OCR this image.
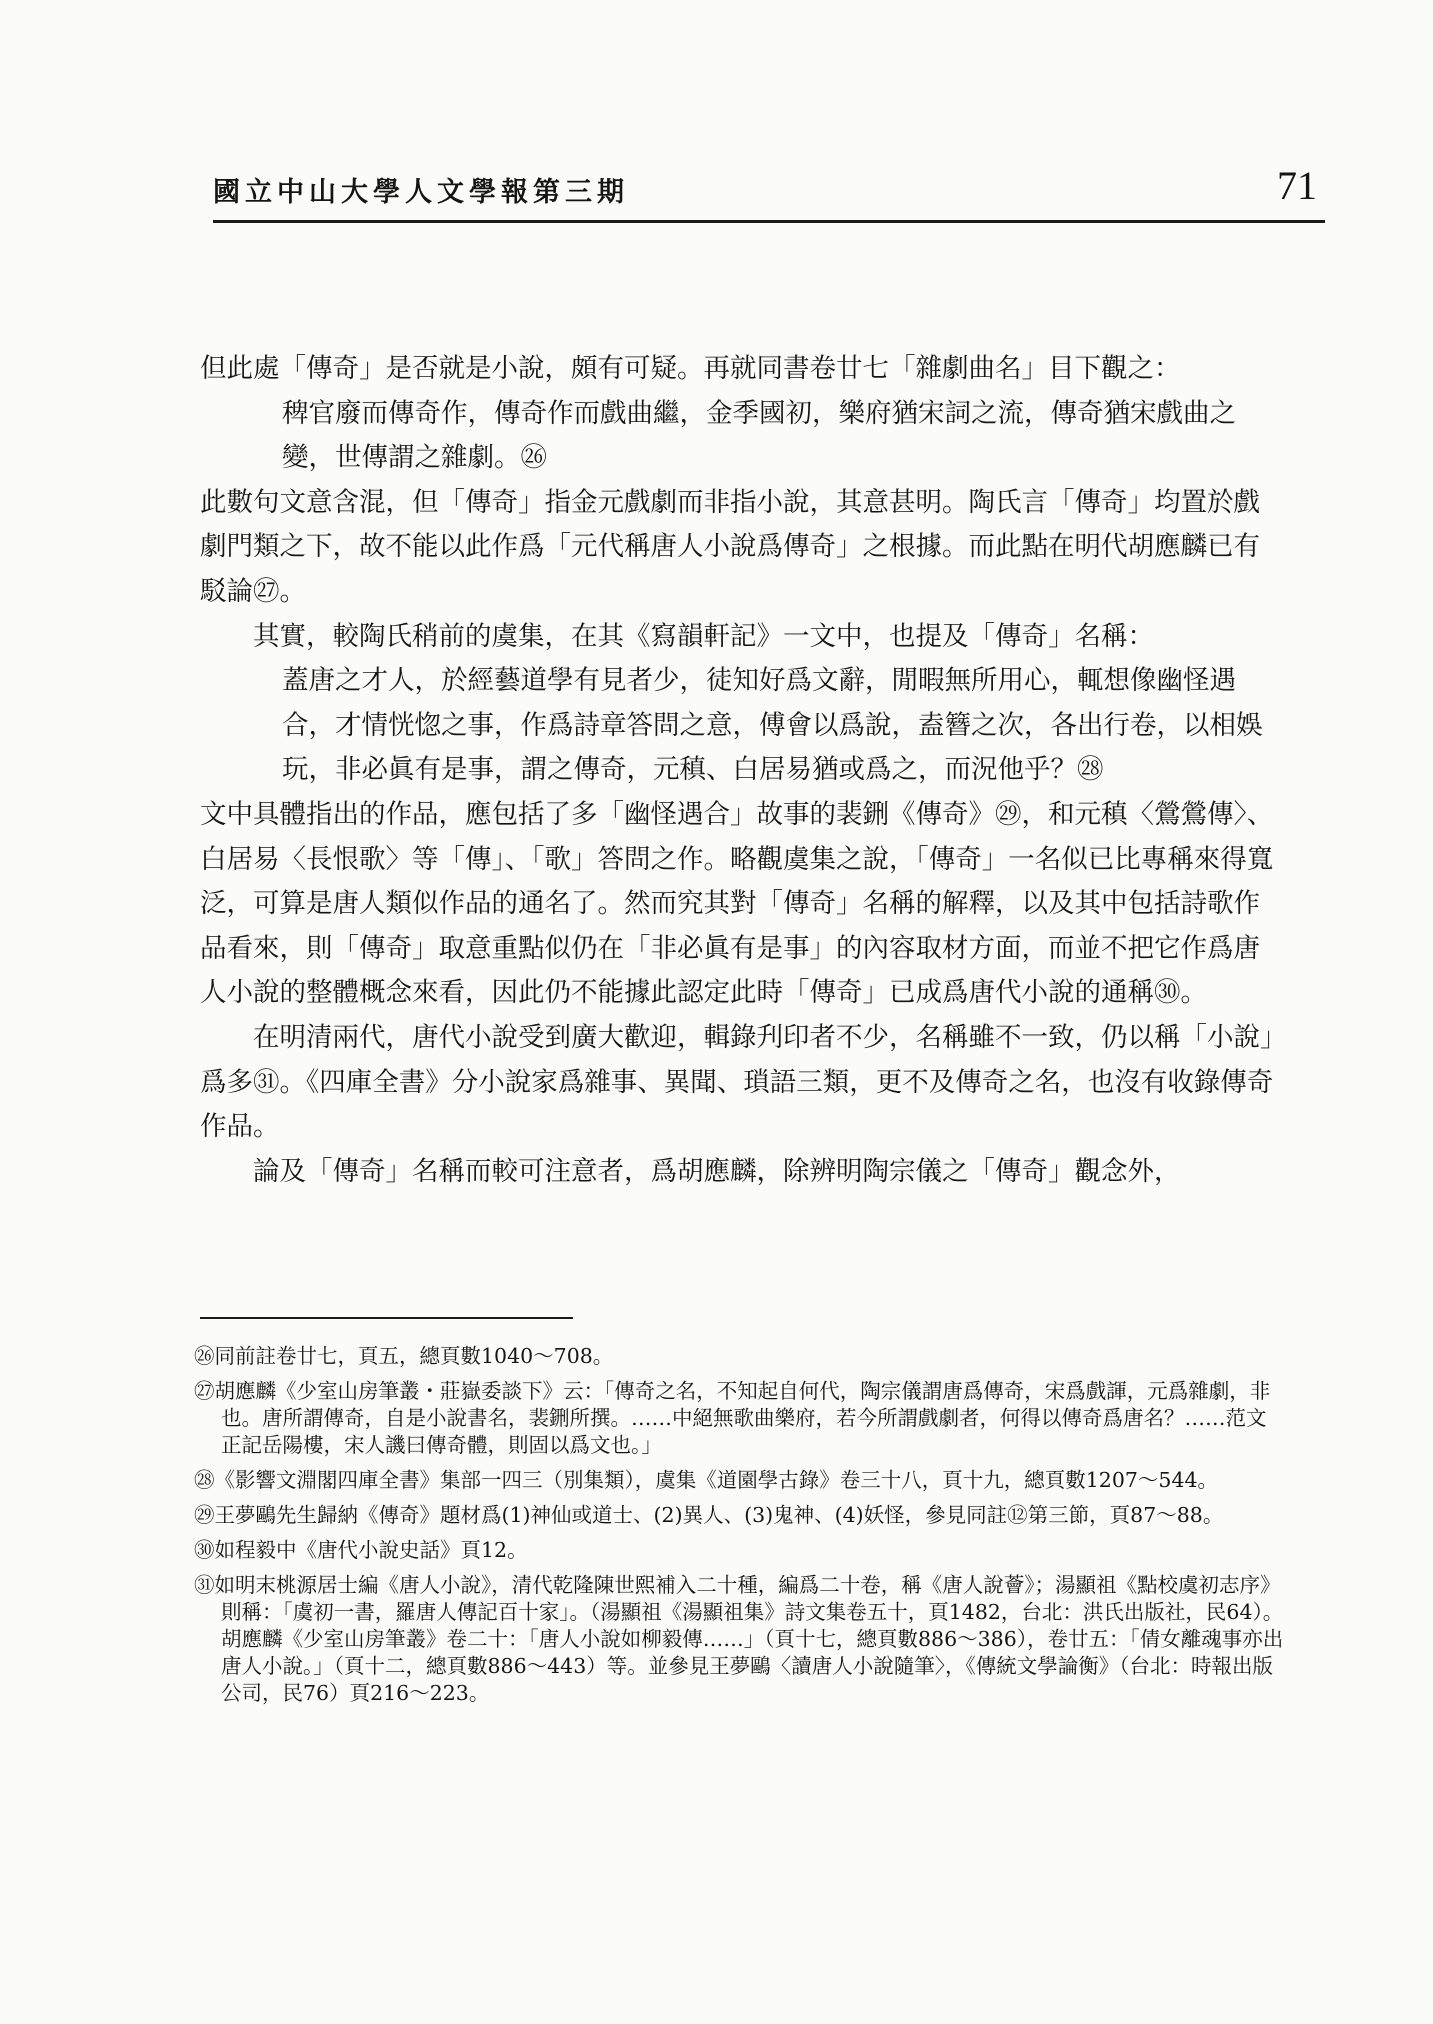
國立中山大學人文學報第三期	71

但此處「傳奇」是否就是小說，頗有可疑。再就同書卷廿七「雜劇曲名」目下觀之：

稗官廢而傳奇作，傳奇作而戲曲繼，金季國初，樂府猶宋詞之流，傳奇猶宋戲曲之變，世傳謂之雜劇。㉖

此數句文意含混，但「傳奇」指金元戲劇而非指小說，其意甚明。陶氏言「傳奇」均置於戲劇門類之下，故不能以此作爲「元代稱唐人小說爲傳奇」之根據。而此點在明代胡應麟已有駁論㉗。

其實，較陶氏稍前的虞集，在其《寫韻軒記》一文中，也提及「傳奇」名稱：

蓋唐之才人，於經藝道學有見者少，徒知好爲文辭，閒暇無所用心，輒想像幽怪遇合，才情恍惚之事，作爲詩章答問之意，傅會以爲說，盍簪之次，各出行卷，以相娛玩，非必眞有是事，謂之傳奇，元稹、白居易猶或爲之，而況他乎？㉘

文中具體指出的作品，應包括了多「幽怪遇合」故事的裴鉶《傳奇》㉙，和元稹〈鶯鶯傳〉、白居易〈長恨歌〉等「傳」、「歌」答問之作。略觀虞集之說，「傳奇」一名似已比專稱來得寬泛，可算是唐人類似作品的通名了。然而究其對「傳奇」名稱的解釋，以及其中包括詩歌作品看來，則「傳奇」取意重點似仍在「非必眞有是事」的內容取材方面，而並不把它作爲唐人小說的整體概念來看，因此仍不能據此認定此時「傳奇」已成爲唐代小說的通稱㉚。

在明清兩代，唐代小說受到廣大歡迎，輯錄刋印者不少，名稱雖不一致，仍以稱「小說」爲多㉛。《四庫全書》分小說家爲雜事、異聞、瑣語三類，更不及傳奇之名，也沒有收錄傳奇作品。

論及「傳奇」名稱而較可注意者，爲胡應麟，除辨明陶宗儀之「傳奇」觀念外，

㉖同前註卷廿七，頁五，總頁數1040～708。

㉗胡應麟《少室山房筆叢・莊嶽委談下》云：「傳奇之名，不知起自何代，陶宗儀謂唐爲傳奇，宋爲戲諢，元爲雜劇，非也。唐所謂傳奇，自是小說書名，裴鉶所撰。……中絕無歌曲樂府，若今所謂戲劇者，何得以傳奇爲唐名？……范文正記岳陽樓，宋人譏曰傳奇體，則固以爲文也。」

㉘《影響文淵閣四庫全書》集部一四三（別集類），虞集《道園學古錄》卷三十八，頁十九，總頁數1207～544。

㉙王夢鷗先生歸納《傳奇》題材爲(1)神仙或道士、(2)異人、(3)鬼神、(4)妖怪，參見同註⑫第三節，頁87～88。

㉚如程毅中《唐代小說史話》頁12。

㉛如明末桃源居士編《唐人小說》，清代乾隆陳世熙補入二十種，編爲二十卷，稱《唐人說薈》；湯顯祖《點校虞初志序》則稱：「虞初一書，羅唐人傳記百十家」。（湯顯祖《湯顯祖集》詩文集卷五十，頁1482，台北：洪氏出版社，民64）。胡應麟《少室山房筆叢》卷二十：「唐人小說如柳毅傳……」（頁十七，總頁數886～386），卷廿五：「倩女離魂事亦出唐人小說。」（頁十二，總頁數886～443）等。並參見王夢鷗〈讀唐人小說隨筆〉，《傳統文學論衡》（台北：時報出版公司，民76）頁216～223。
